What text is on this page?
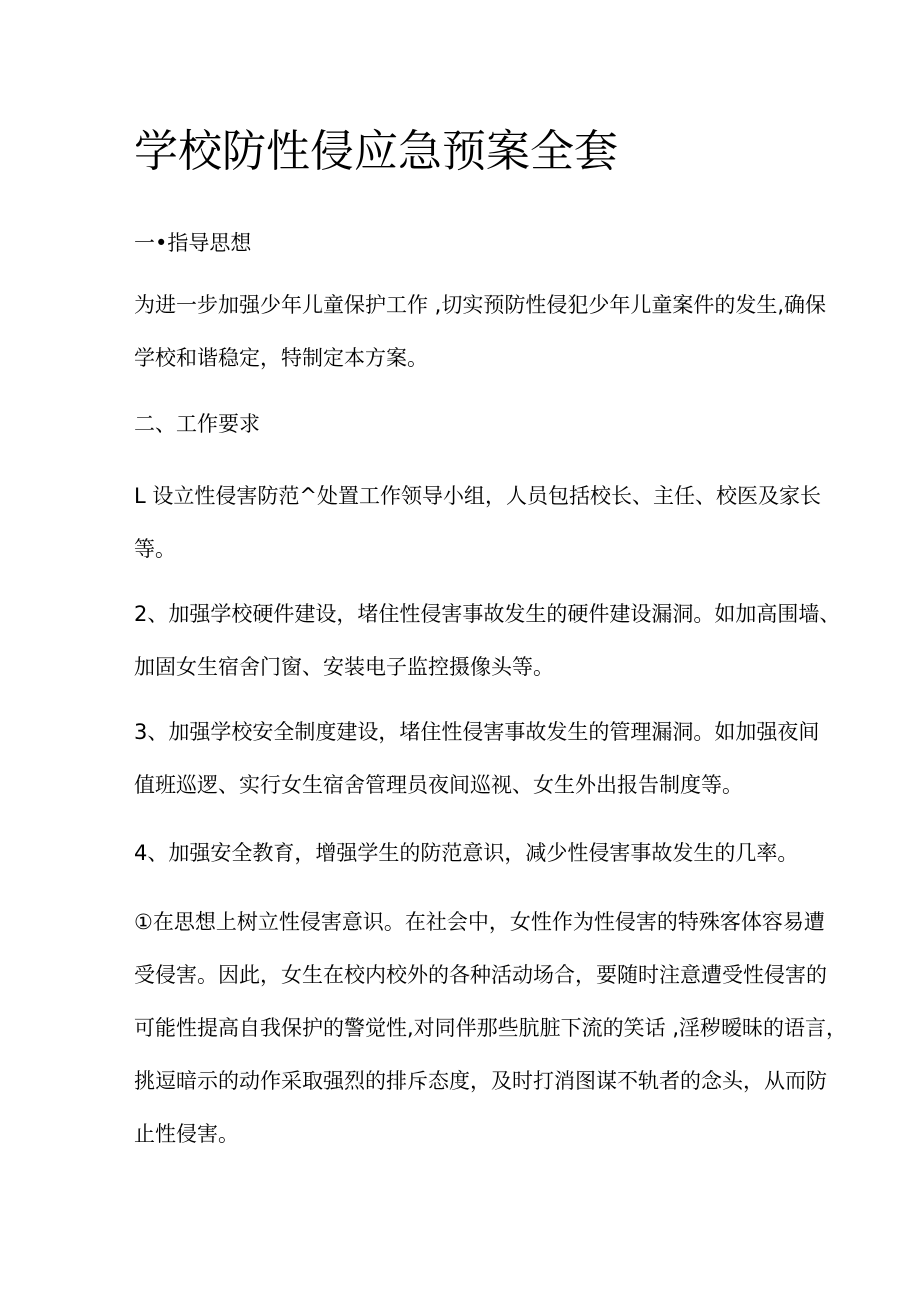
学校防性侵应急预案全套
一•指导思想
为进一步加强少年儿童保护工作 ,切实预防性侵犯少年儿童案件的发生,确保
学校和谐稳定，特制定本方案。
二、工作要求
L 设立性侵害防范^处置工作领导小组，人员包括校长、主任、校医及家长
等。
2、加强学校硬件建设，堵住性侵害事故发生的硬件建设漏洞。如加高围墙、
加固女生宿舍门窗、安装电子监控摄像头等。
3、加强学校安全制度建设，堵住性侵害事故发生的管理漏洞。如加强夜间
值班巡逻、实行女生宿舍管理员夜间巡视、女生外出报告制度等。
4、加强安全教育，增强学生的防范意识，减少性侵害事故发生的几率。
①在思想上树立性侵害意识。在社会中，女性作为性侵害的特殊客体容易遭
受侵害。因此，女生在校内校外的各种活动场合，要随时注意遭受性侵害的
可能性提高自我保护的警觉性,对同伴那些肮脏下流的笑话 ,淫秽暧昧的语言，
挑逗暗示的动作采取强烈的排斥态度，及时打消图谋不轨者的念头，从而防
止性侵害。
